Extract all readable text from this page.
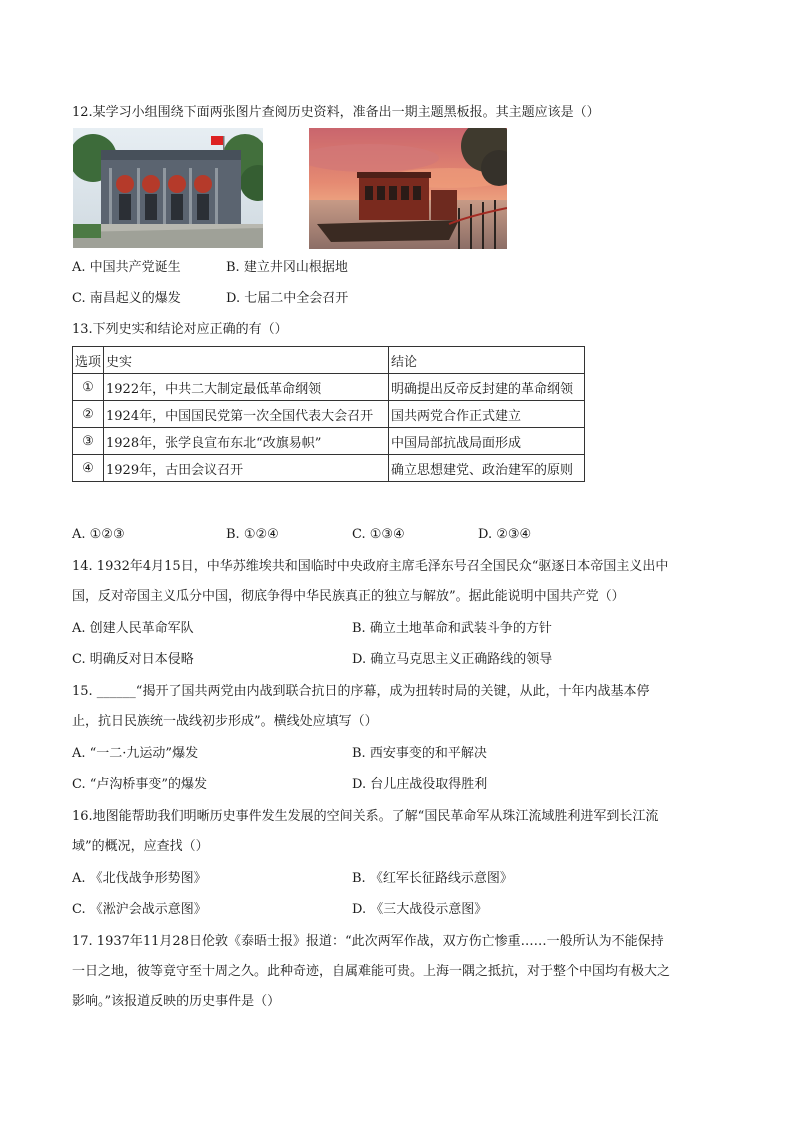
12.某学习小组围绕下面两张图片查阅历史资料，准备出一期主题黑板报。其主题应该是（）
A. 中国共产党诞生	B. 建立井冈山根据地
C. 南昌起义的爆发	D. 七届二中全会召开
13.下列史实和结论对应正确的有（）
选项	史实	结论
①	1922年，中共二大制定最低革命纲领	明确提出反帝反封建的革命纲领
②	1924年，中国国民党第一次全国代表大会召开	国共两党合作正式建立
③	1928年，张学良宣布东北“改旗易帜”	中国局部抗战局面形成
④	1929年，古田会议召开	确立思想建党、政治建军的原则
A. ①②③	B. ①②④	C. ①③④	D. ②③④
14. 1932年4月15日，中华苏维埃共和国临时中央政府主席毛泽东号召全国民众“驱逐日本帝国主义出中
国，反对帝国主义瓜分中国，彻底争得中华民族真正的独立与解放”。据此能说明中国共产党（）
A. 创建人民革命军队	B. 确立土地革命和武装斗争的方针
C. 明确反对日本侵略	D. 确立马克思主义正确路线的领导
15. ______“揭开了国共两党由内战到联合抗日的序幕，成为扭转时局的关键，从此，十年内战基本停
止，抗日民族统一战线初步形成”。横线处应填写（）
A. “一二·九运动”爆发	B. 西安事变的和平解决
C. “卢沟桥事变”的爆发	D. 台儿庄战役取得胜利
16.地图能帮助我们明晰历史事件发生发展的空间关系。了解“国民革命军从珠江流域胜利进军到长江流
域”的概况，应查找（）
A. 《北伐战争形势图》	B. 《红军长征路线示意图》
C. 《淞沪会战示意图》	D. 《三大战役示意图》
17. 1937年11月28日伦敦《泰晤士报》报道：“此次两军作战，双方伤亡惨重……一般所认为不能保持
一日之地，彼等竟守至十周之久。此种奇迹，自属难能可贵。上海一隅之抵抗，对于整个中国均有极大之
影响。”该报道反映的历史事件是（）
